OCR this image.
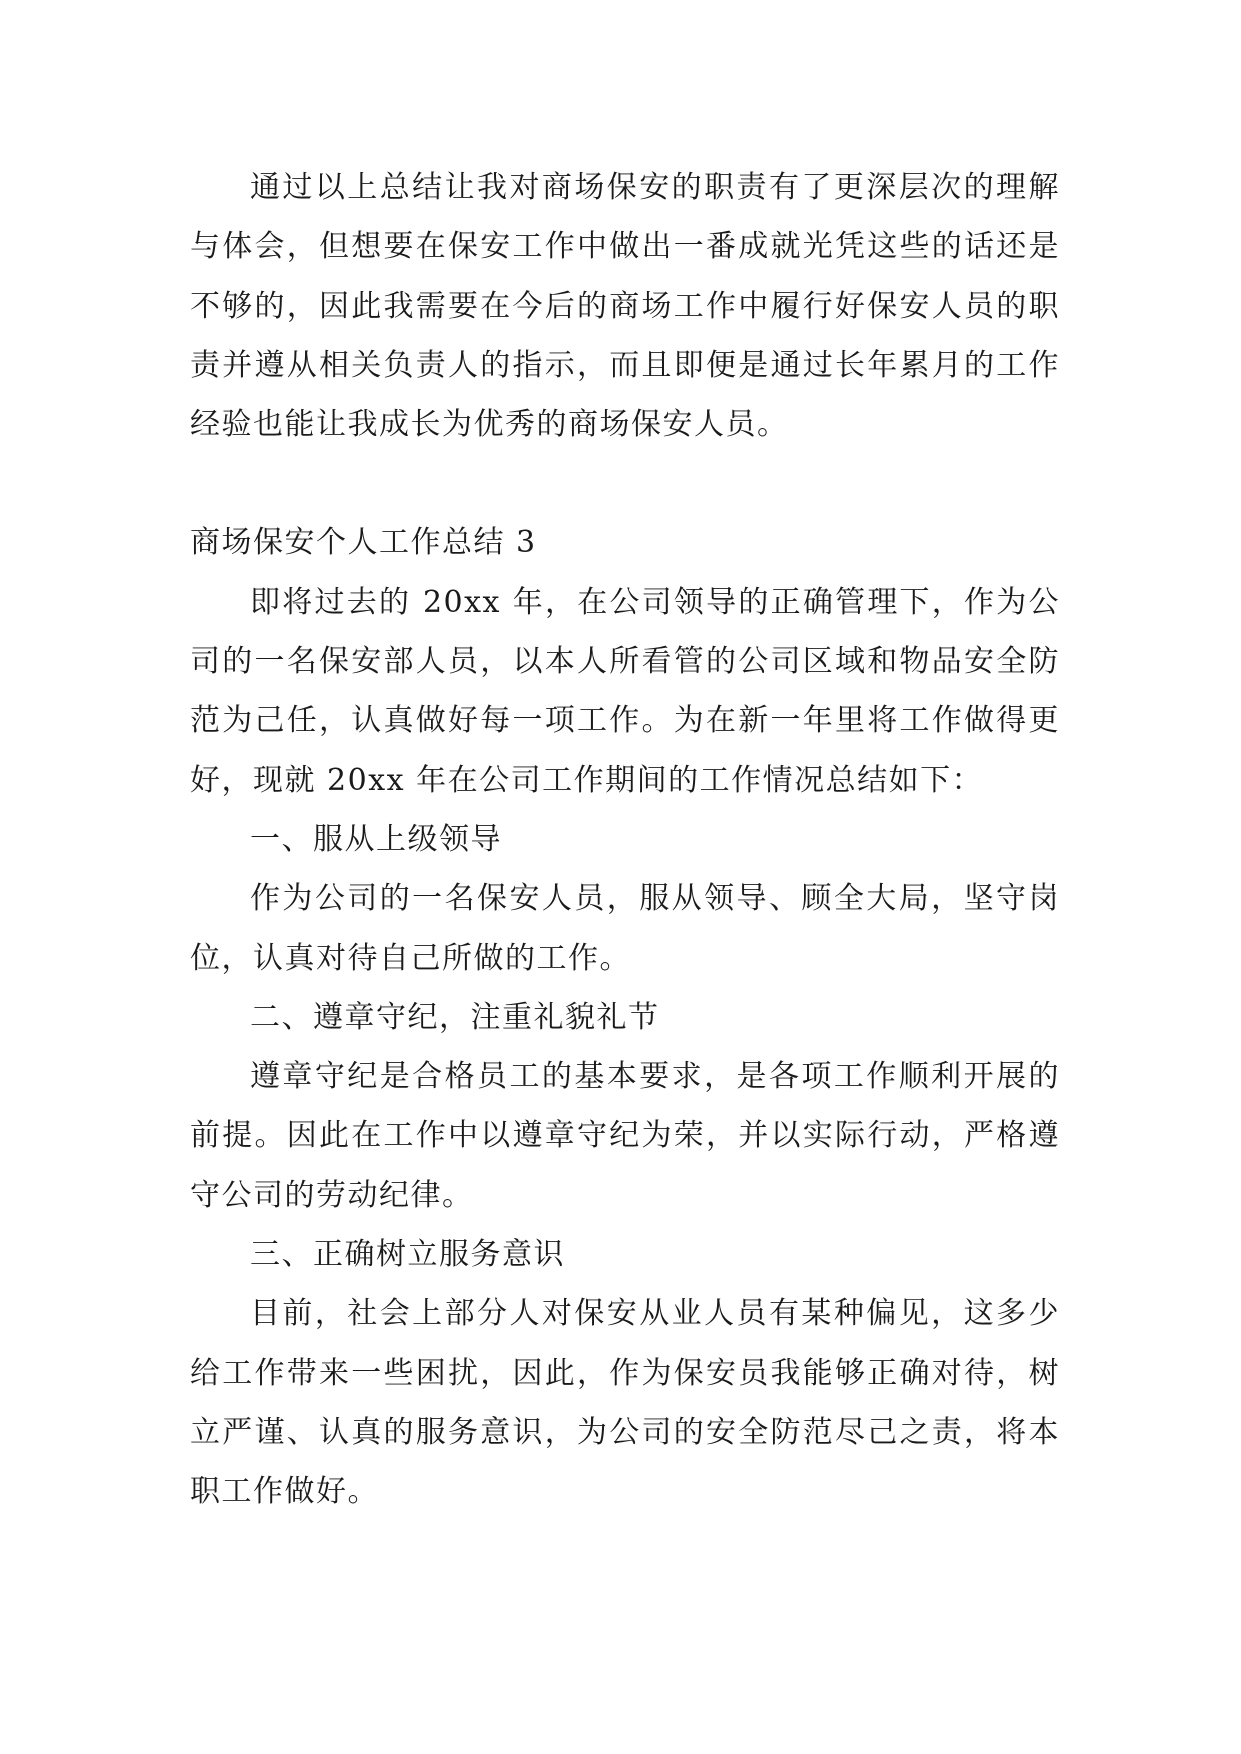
通过以上总结让我对商场保安的职责有了更深层次的理解与体会，但想要在保安工作中做出一番成就光凭这些的话还是不够的，因此我需要在今后的商场工作中履行好保安人员的职责并遵从相关负责人的指示，而且即便是通过长年累月的工作经验也能让我成长为优秀的商场保安人员。

商场保安个人工作总结 3

即将过去的 20xx 年，在公司领导的正确管理下，作为公司的一名保安部人员，以本人所看管的公司区域和物品安全防范为己任，认真做好每一项工作。为在新一年里将工作做得更好，现就 20xx 年在公司工作期间的工作情况总结如下：

一、服从上级领导

作为公司的一名保安人员，服从领导、顾全大局，坚守岗位，认真对待自己所做的工作。

二、遵章守纪，注重礼貌礼节

遵章守纪是合格员工的基本要求，是各项工作顺利开展的前提。因此在工作中以遵章守纪为荣，并以实际行动，严格遵守公司的劳动纪律。

三、正确树立服务意识

目前，社会上部分人对保安从业人员有某种偏见，这多少给工作带来一些困扰，因此，作为保安员我能够正确对待，树立严谨、认真的服务意识，为公司的安全防范尽己之责，将本职工作做好。
